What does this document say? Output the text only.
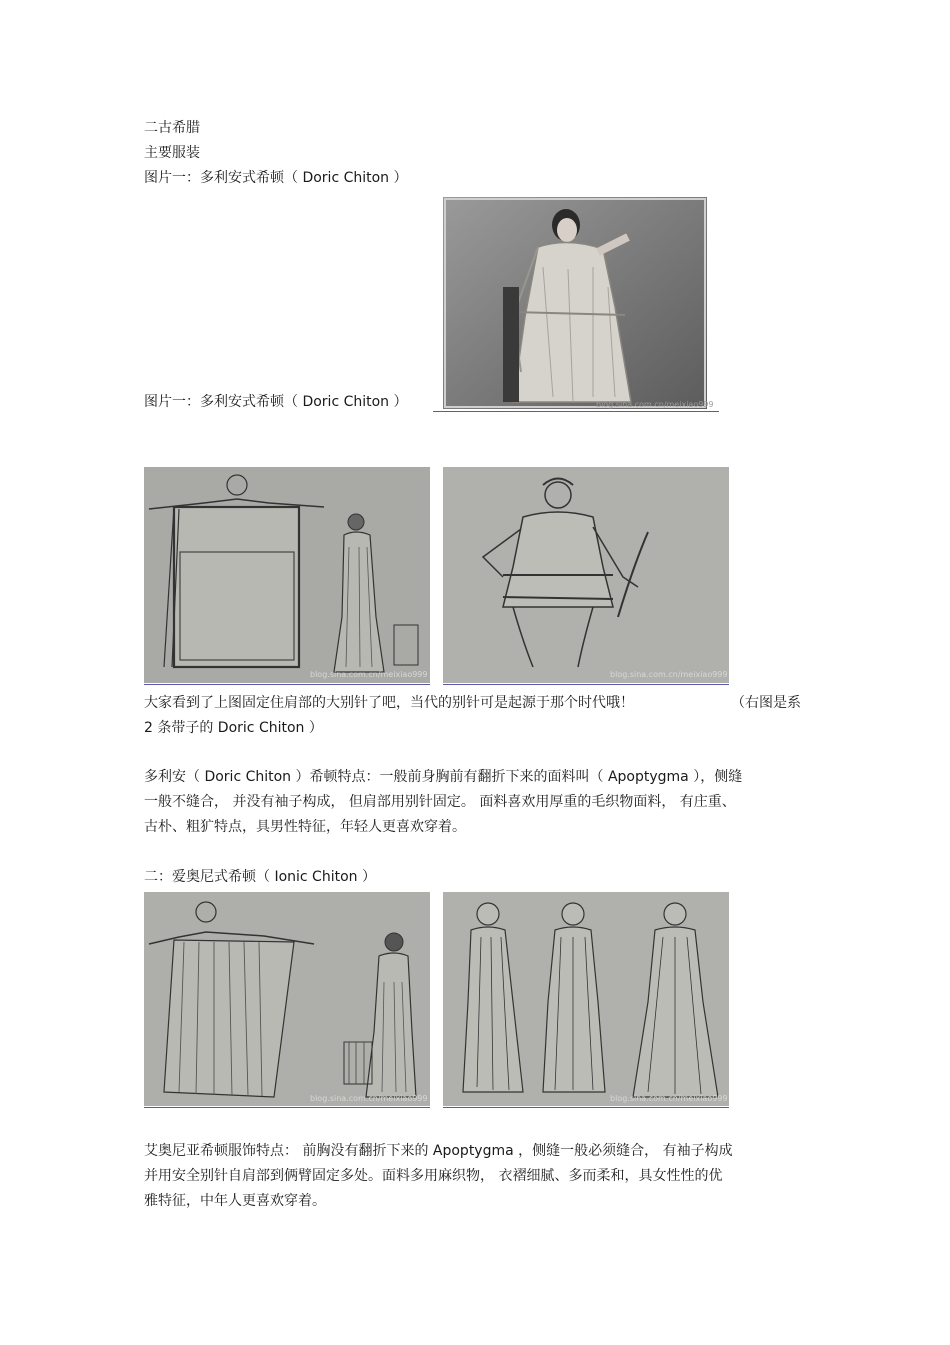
二古希腊
主要服装
图片一：多利安式希顿（ Doric Chiton ）
图片一：多利安式希顿（ Doric Chiton ）	blog.sina.com.cn/meixiao999
blog.sina.com.cn/meixiao999	blog.sina.com.cn/meixiao999
大家看到了上图固定住肩部的大别针了吧，当代的别针可是起源于那个时代哦！	（右图是系
2 条带子的 Doric Chiton ）
多利安（ Doric Chiton ）希顿特点：一般前身胸前有翻折下来的面料叫（ Apoptygma ），侧缝
一般不缝合， 并没有袖子构成， 但肩部用别针固定。 面料喜欢用厚重的毛织物面料， 有庄重、
古朴、粗犷特点，具男性特征，年轻人更喜欢穿着。
二：爱奥尼式希顿（ Ionic Chiton ）
blog.sina.com.cn/meixiao999	blog.sina.com.cn/meixiao999
艾奥尼亚希顿服饰特点： 前胸没有翻折下来的 Apoptygma ，侧缝一般必须缝合， 有袖子构成
并用安全别针自肩部到俩臂固定多处。面料多用麻织物， 衣褶细腻、多而柔和，具女性性的优
雅特征，中年人更喜欢穿着。
